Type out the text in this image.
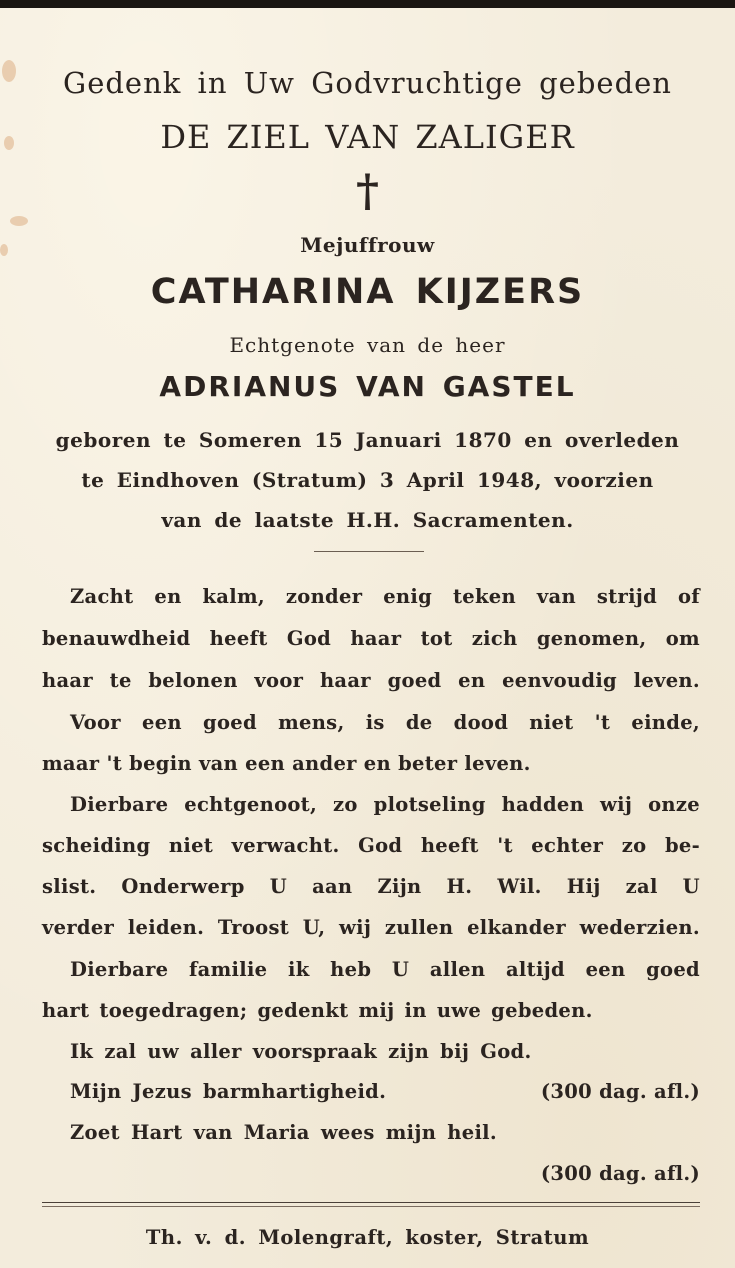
Gedenk in Uw Godvruchtige gebeden
DE ZIEL VAN ZALIGER
†
Mejuffrouw
CATHARINA KIJZERS
Echtgenote van de heer
ADRIANUS VAN GASTEL
geboren te Someren 15 Januari 1870 en overleden
te Eindhoven (Stratum) 3 April 1948, voorzien
van de laatste H.H. Sacramenten.
Zacht en kalm, zonder enig teken van strijd of
benauwdheid heeft God haar tot zich genomen, om
haar te belonen voor haar goed en eenvoudig leven.
Voor een goed mens, is de dood niet 't einde,
maar 't begin van een ander en beter leven.
Dierbare echtgenoot, zo plotseling hadden wij onze
scheiding niet verwacht. God heeft 't echter zo be-
slist. Onderwerp U aan Zijn H. Wil. Hij zal U
verder leiden. Troost U, wij zullen elkander wederzien.
Dierbare familie ik heb U allen altijd een goed
hart toegedragen; gedenkt mij in uwe gebeden.
Ik zal uw aller voorspraak zijn bij God.
Mijn Jezus barmhartigheid.	(300 dag. afl.)
Zoet Hart van Maria wees mijn heil.
(300 dag. afl.)
Th. v. d. Molengraft, koster, Stratum
